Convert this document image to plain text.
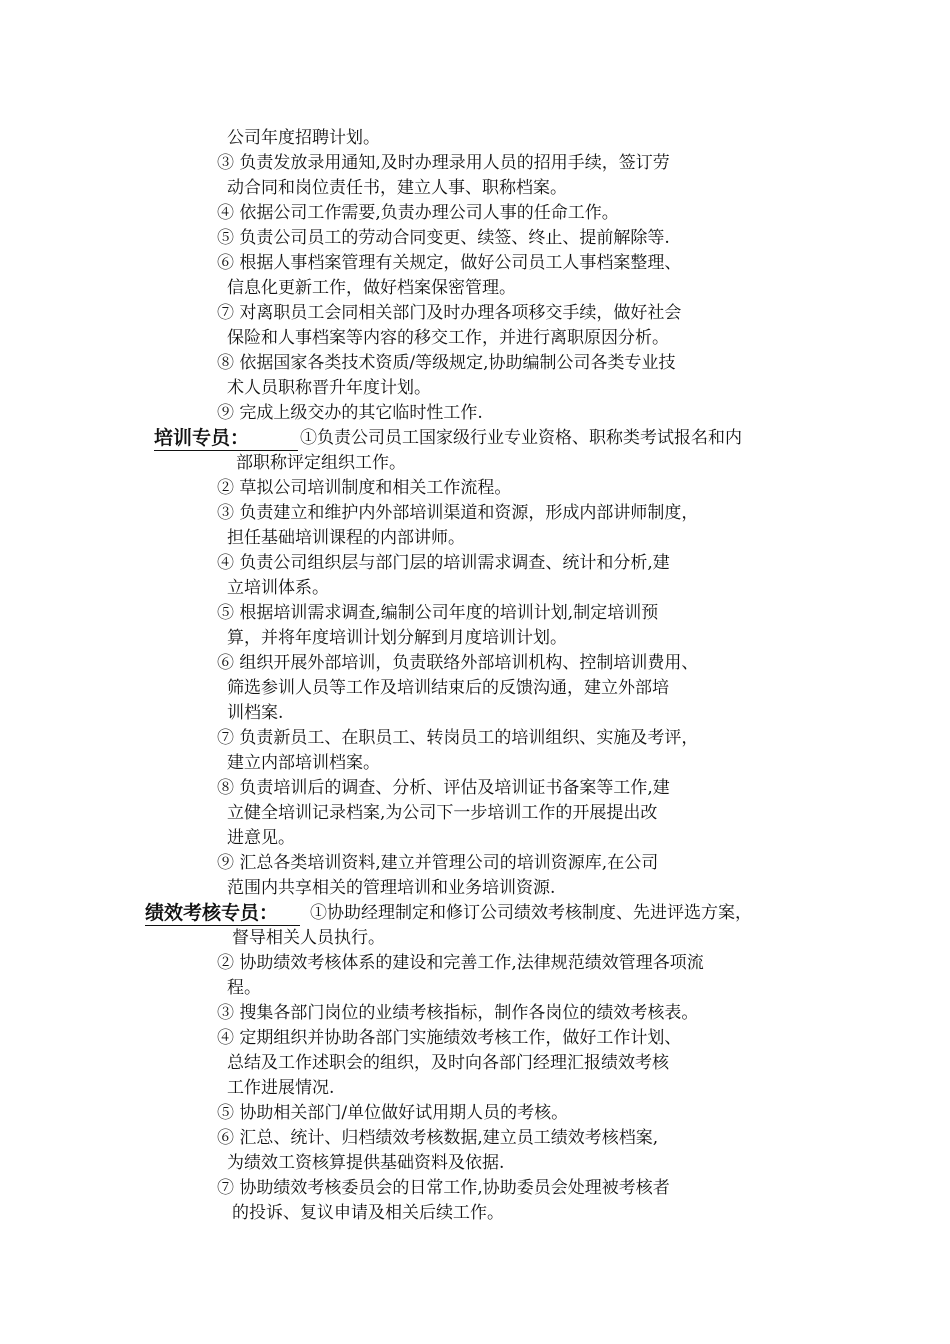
公司年度招聘计划。
③ 负责发放录用通知,及时办理录用人员的招用手续，签订劳
动合同和岗位责任书，建立人事、职称档案。
④ 依据公司工作需要,负责办理公司人事的任命工作。
⑤ 负责公司员工的劳动合同变更、续签、终止、提前解除等.
⑥ 根据人事档案管理有关规定，做好公司员工人事档案整理、
信息化更新工作，做好档案保密管理。
⑦ 对离职员工会同相关部门及时办理各项移交手续，做好社会
保险和人事档案等内容的移交工作，并进行离职原因分析。
⑧ 依据国家各类技术资质/等级规定,协助编制公司各类专业技
术人员职称晋升年度计划。
⑨ 完成上级交办的其它临时性工作.
培训专员：	①负责公司员工国家级行业专业资格、职称类考试报名和内
部职称评定组织工作。
② 草拟公司培训制度和相关工作流程。
③ 负责建立和维护内外部培训渠道和资源，形成内部讲师制度，
担任基础培训课程的内部讲师。
④ 负责公司组织层与部门层的培训需求调查、统计和分析,建
立培训体系。
⑤ 根据培训需求调查,编制公司年度的培训计划,制定培训预
算，并将年度培训计划分解到月度培训计划。
⑥ 组织开展外部培训，负责联络外部培训机构、控制培训费用、
筛选参训人员等工作及培训结束后的反馈沟通，建立外部培
训档案.
⑦ 负责新员工、在职员工、转岗员工的培训组织、实施及考评，
建立内部培训档案。
⑧ 负责培训后的调查、分析、评估及培训证书备案等工作,建
立健全培训记录档案,为公司下一步培训工作的开展提出改
进意见。
⑨ 汇总各类培训资料,建立并管理公司的培训资源库,在公司
范围内共享相关的管理培训和业务培训资源.
绩效考核专员：	①协助经理制定和修订公司绩效考核制度、先进评选方案，
督导相关人员执行。
② 协助绩效考核体系的建设和完善工作,法律规范绩效管理各项流
程。
③ 搜集各部门岗位的业绩考核指标，制作各岗位的绩效考核表。
④ 定期组织并协助各部门实施绩效考核工作，做好工作计划、
总结及工作述职会的组织，及时向各部门经理汇报绩效考核
工作进展情况.
⑤ 协助相关部门/单位做好试用期人员的考核。
⑥ 汇总、统计、归档绩效考核数据,建立员工绩效考核档案,
为绩效工资核算提供基础资料及依据.
⑦ 协助绩效考核委员会的日常工作,协助委员会处理被考核者
的投诉、复议申请及相关后续工作。
